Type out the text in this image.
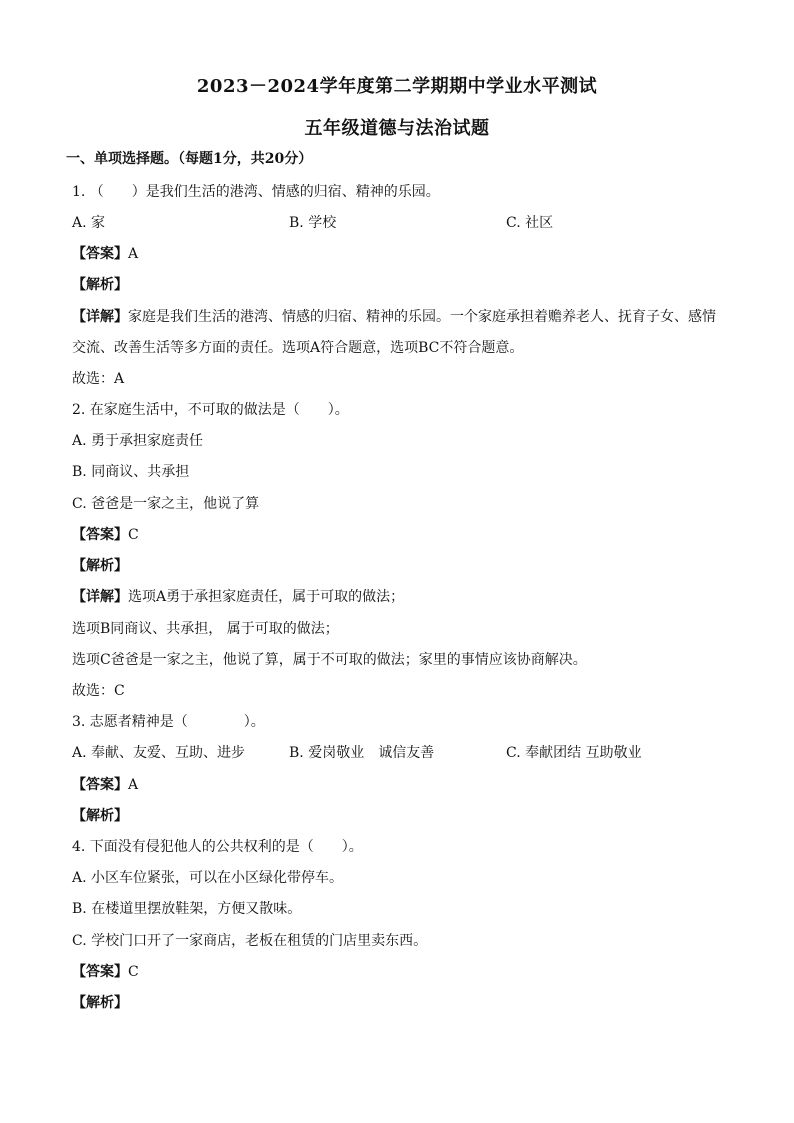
2023－2024学年度第二学期期中学业水平测试
五年级道德与法治试题
一、单项选择题。（每题1分，共20分）
1. （　　）是我们生活的港湾、情感的归宿、精神的乐园。
A. 家	B. 学校	C. 社区
【答案】A
【解析】
【详解】家庭是我们生活的港湾、情感的归宿、精神的乐园。一个家庭承担着赡养老人、抚育子女、感情
交流、改善生活等多方面的责任。选项A符合题意，选项BC不符合题意。
故选：A
2. 在家庭生活中，不可取的做法是（　　）。
A. 勇于承担家庭责任
B. 同商议、共承担
C. 爸爸是一家之主，他说了算
【答案】C
【解析】
【详解】选项A勇于承担家庭责任，属于可取的做法；
选项B同商议、共承担， 属于可取的做法；
选项C爸爸是一家之主，他说了算，属于不可取的做法；家里的事情应该协商解决。
故选：C
3. 志愿者精神是（　　　　）。
A. 奉献、友爱、互助、进步	B. 爱岗敬业　诚信友善	C. 奉献团结 互助敬业
【答案】A
【解析】
4. 下面没有侵犯他人的公共权利的是（　　）。
A. 小区车位紧张，可以在小区绿化带停车。
B. 在楼道里摆放鞋架，方便又散味。
C. 学校门口开了一家商店，老板在租赁的门店里卖东西。
【答案】C
【解析】
